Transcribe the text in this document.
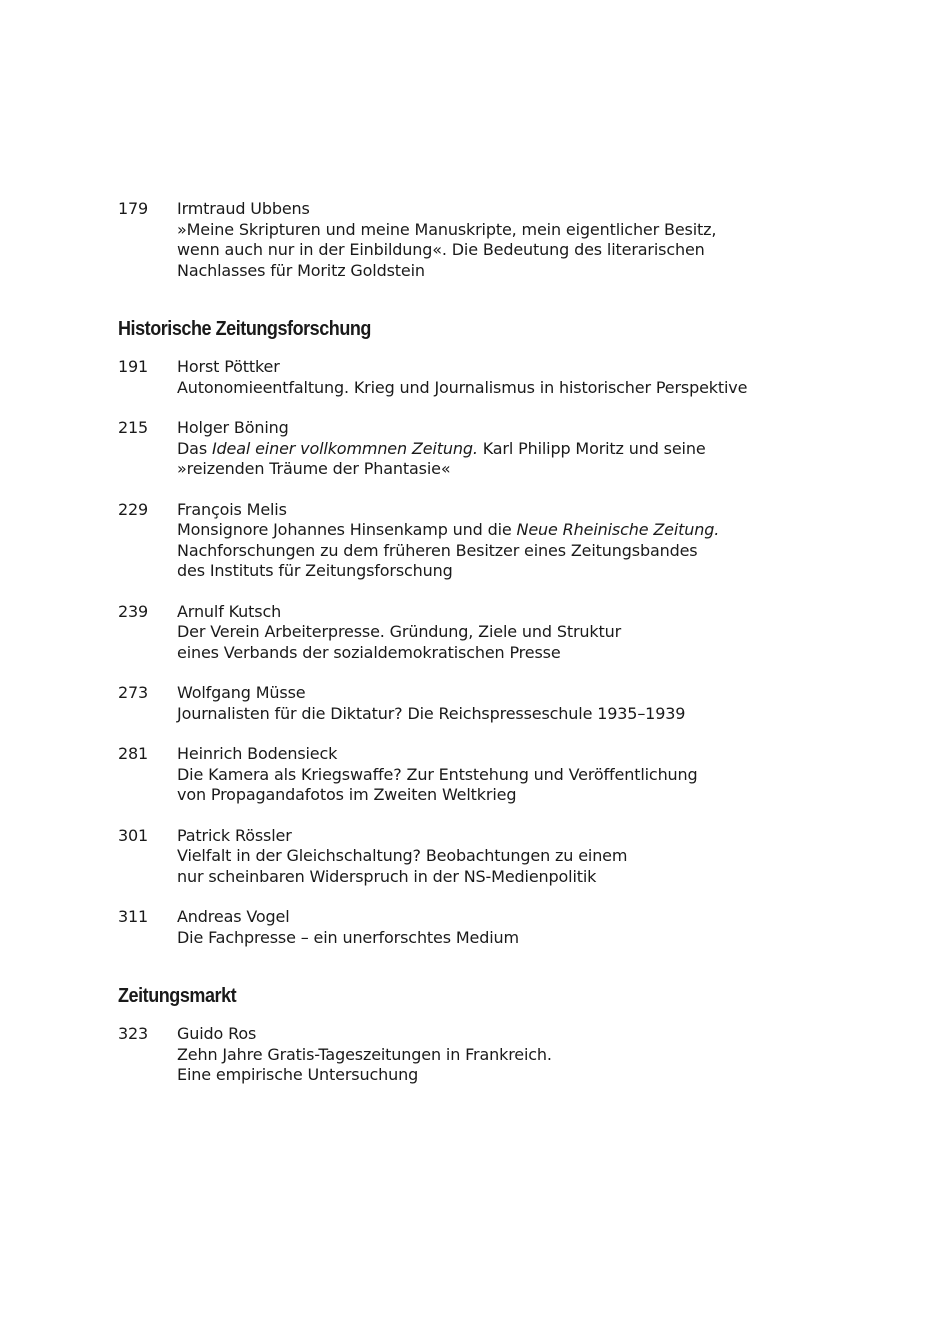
179	Irmtraud Ubbens
»Meine Skripturen und meine Manuskripte, mein eigentlicher Besitz,
wenn auch nur in der Einbildung«. Die Bedeutung des literarischen
Nachlasses für Moritz Goldstein
Historische Zeitungsforschung
191	Horst Pöttker
Autonomieentfaltung. Krieg und Journalismus in historischer Perspektive
215	Holger Böning
Das Ideal einer vollkommnen Zeitung. Karl Philipp Moritz und seine
»reizenden Träume der Phantasie«
229	François Melis
Monsignore Johannes Hinsenkamp und die Neue Rheinische Zeitung.
Nachforschungen zu dem früheren Besitzer eines Zeitungsbandes
des Instituts für Zeitungsforschung
239	Arnulf Kutsch
Der Verein Arbeiterpresse. Gründung, Ziele und Struktur
eines Verbands der sozialdemokratischen Presse
273	Wolfgang Müsse
Journalisten für die Diktatur? Die Reichspresseschule 1935–1939
281	Heinrich Bodensieck
Die Kamera als Kriegswaffe? Zur Entstehung und Veröffentlichung
von Propagandafotos im Zweiten Weltkrieg
301	Patrick Rössler
Vielfalt in der Gleichschaltung? Beobachtungen zu einem
nur scheinbaren Widerspruch in der NS-Medienpolitik
311	Andreas Vogel
Die Fachpresse – ein unerforschtes Medium
Zeitungsmarkt
323	Guido Ros
Zehn Jahre Gratis-Tageszeitungen in Frankreich.
Eine empirische Untersuchung
